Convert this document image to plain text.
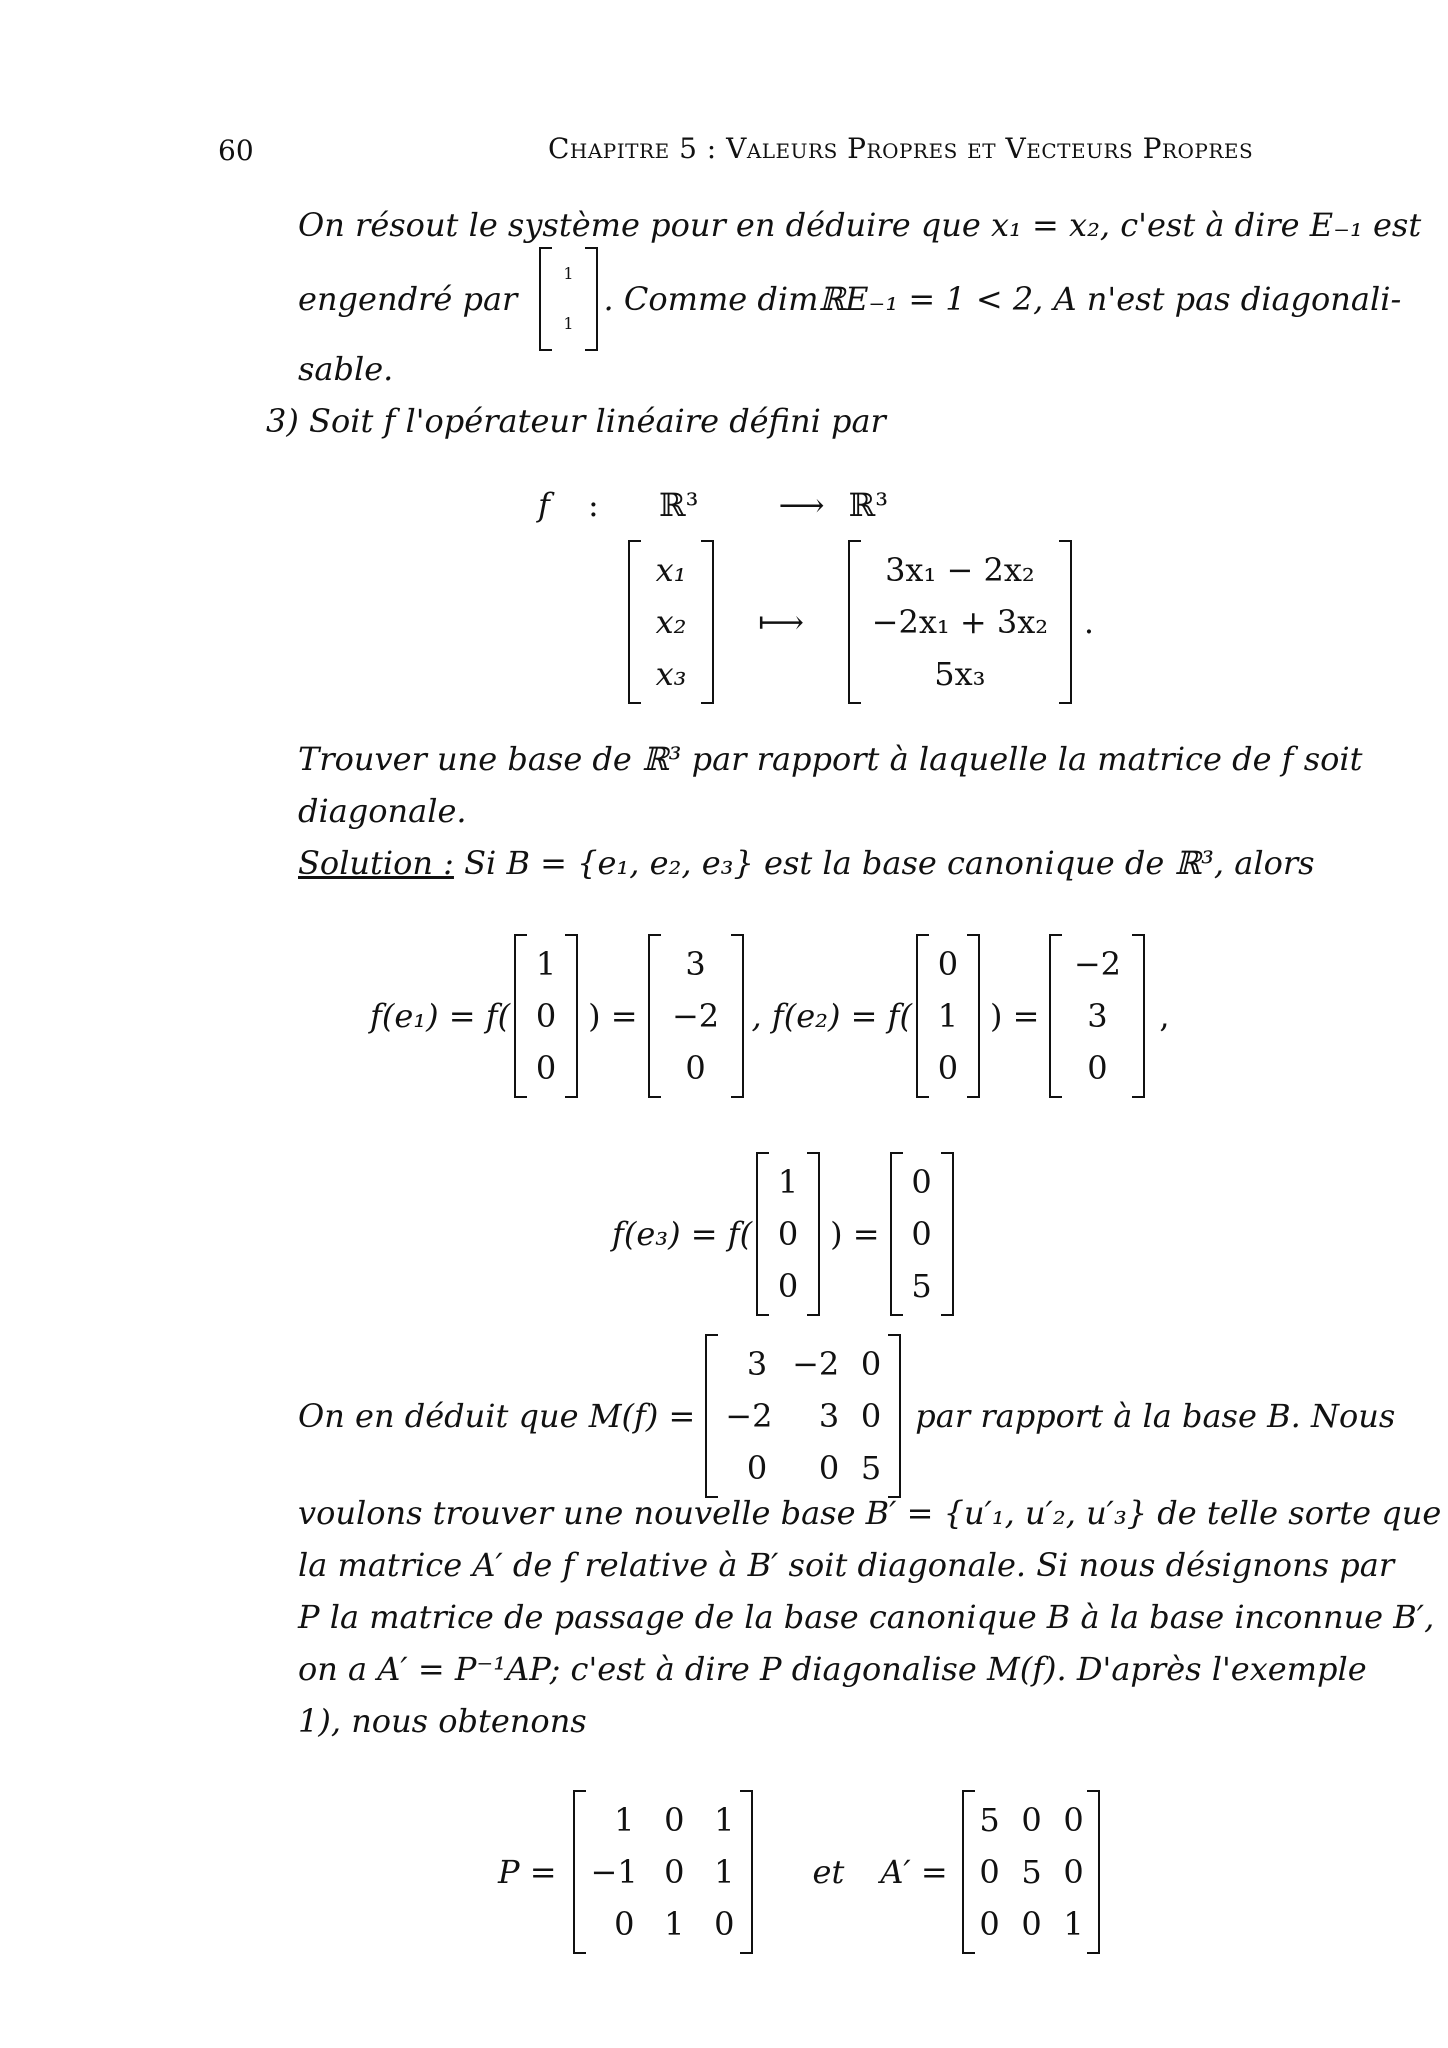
60	Chapitre 5 : Valeurs Propres et Vecteurs Propres
On résout le système pour en déduire que x₁ = x₂, c'est à dire E₋₁ est
engendré par
1
1
. Comme dimℝE₋₁ = 1 < 2, A n'est pas diagonali-
sable.
3) Soit f l'opérateur linéaire défini par
f : ℝ³	⟶ ℝ³
x₁
x₂
x₃
⟼
3x₁ − 2x₂
−2x₁ + 3x₂
5x₃
.
Trouver une base de ℝ³ par rapport à laquelle la matrice de f soit
diagonale.
Solution : Si B = {e₁, e₂, e₃} est la base canonique de ℝ³, alors
f(e₁) = f(
1
0
0
) =
3
−2
0
, f(e₂) = f(
0
1
0
) =
−2
3
0
,
f(e₃) = f(
1
0
0
) =
0
0
5
On en déduit que M(f) =
3 −2 0
−2	3 0
0	0 5
par rapport à la base B. Nous
voulons trouver une nouvelle base B′ = {u′₁, u′₂, u′₃} de telle sorte que
la matrice A′ de f relative à B′ soit diagonale. Si nous désignons par
P la matrice de passage de la base canonique B à la base inconnue B′,
on a A′ = P⁻¹AP; c'est à dire P diagonalise M(f). D'après l'exemple
1), nous obtenons
P =
1 0 1
−1 0 1
0 1 0
et A′ =
5 0 0
0 5 0
0 0 1
